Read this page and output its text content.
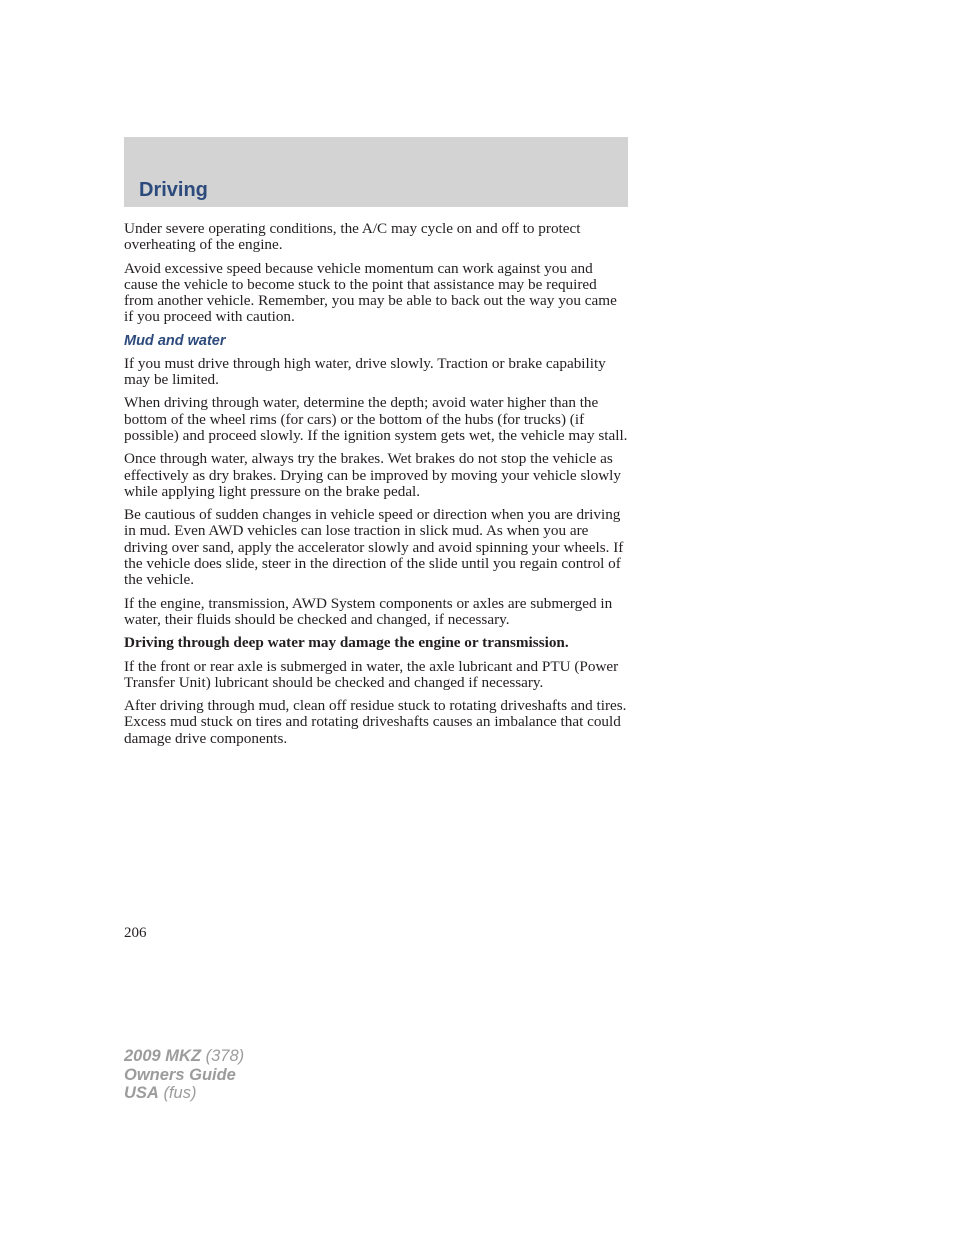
Driving

Under severe operating conditions, the A/C may cycle on and off to protect overheating of the engine.

Avoid excessive speed because vehicle momentum can work against you and cause the vehicle to become stuck to the point that assistance may be required from another vehicle. Remember, you may be able to back out the way you came if you proceed with caution.

Mud and water

If you must drive through high water, drive slowly. Traction or brake capability may be limited.

When driving through water, determine the depth; avoid water higher than the bottom of the wheel rims (for cars) or the bottom of the hubs (for trucks) (if possible) and proceed slowly. If the ignition system gets wet, the vehicle may stall.

Once through water, always try the brakes. Wet brakes do not stop the vehicle as effectively as dry brakes. Drying can be improved by moving your vehicle slowly while applying light pressure on the brake pedal.

Be cautious of sudden changes in vehicle speed or direction when you are driving in mud. Even AWD vehicles can lose traction in slick mud. As when you are driving over sand, apply the accelerator slowly and avoid spinning your wheels. If the vehicle does slide, steer in the direction of the slide until you regain control of the vehicle.

If the engine, transmission, AWD System components or axles are submerged in water, their fluids should be checked and changed, if necessary.

Driving through deep water may damage the engine or transmission.

If the front or rear axle is submerged in water, the axle lubricant and PTU (Power Transfer Unit) lubricant should be checked and changed if necessary.

After driving through mud, clean off residue stuck to rotating driveshafts and tires. Excess mud stuck on tires and rotating driveshafts causes an imbalance that could damage drive components.

206
2009 MKZ (378)
Owners Guide
USA (fus)
